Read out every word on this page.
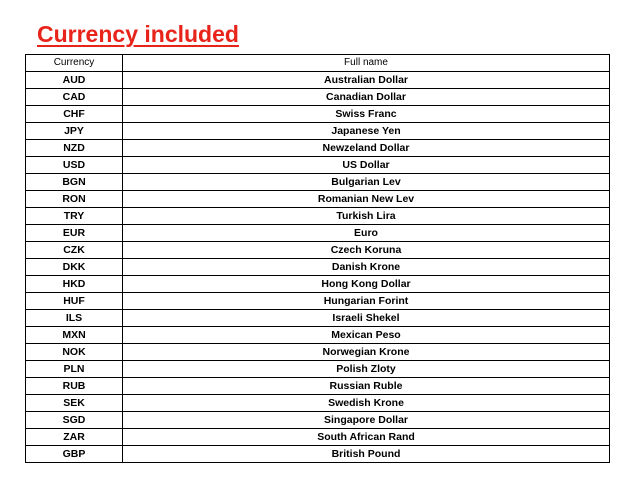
Currency included
Currency	Full name
AUD	Australian Dollar
CAD	Canadian Dollar
CHF	Swiss Franc
JPY	Japanese Yen
NZD	Newzeland Dollar
USD	US Dollar
BGN	Bulgarian Lev
RON	Romanian New Lev
TRY	Turkish Lira
EUR	Euro
CZK	Czech Koruna
DKK	Danish Krone
HKD	Hong Kong Dollar
HUF	Hungarian Forint
ILS	Israeli Shekel
MXN	Mexican Peso
NOK	Norwegian Krone
PLN	Polish Zloty
RUB	Russian Ruble
SEK	Swedish Krone
SGD	Singapore Dollar
ZAR	South African Rand
GBP	British Pound
